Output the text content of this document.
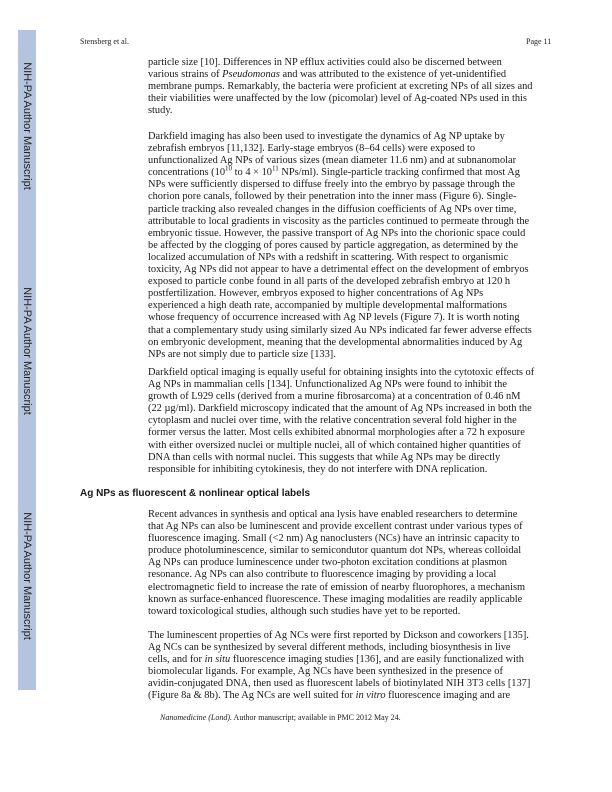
NIH-PA Author Manuscript
NIH-PA Author Manuscript
NIH-PA Author Manuscript
Stensberg et al.	Page 11
particle size [10]. Differences in NP efflux activities could also be discerned between
various strains of Pseudomonas and was attributed to the existence of yet-unidentified
membrane pumps. Remarkably, the bacteria were proficient at excreting NPs of all sizes and
their viabilities were unaffected by the low (picomolar) level of Ag-coated NPs used in this
study.
Darkfield imaging has also been used to investigate the dynamics of Ag NP uptake by
zebrafish embryos [11,132]. Early-stage embryos (8–64 cells) were exposed to
unfunctionalized Ag NPs of various sizes (mean diameter 11.6 nm) and at subnanomolar
concentrations ($10^{10}$ to $4 \times 10^{11}$ NPs/ml). Single-particle tracking confirmed that most Ag
NPs were sufficiently dispersed to diffuse freely into the embryo by passage through the
chorion pore canals, followed by their penetration into the inner mass (Figure 6). Single-
particle tracking also revealed changes in the diffusion coefficients of Ag NPs over time,
attributable to local gradients in viscosity as the particles continued to permeate through the
embryonic tissue. However, the passive transport of Ag NPs into the chorionic space could
be affected by the clogging of pores caused by particle aggregation, as determined by the
localized accumulation of NPs with a redshift in scattering. With respect to organismic
toxicity, Ag NPs did not appear to have a detrimental effect on the development of embryos
exposed to particle conbe found in all parts of the developed zebrafish embryo at 120 h
postfertilization. However, embryos exposed to higher concentrations of Ag NPs
experienced a high death rate, accompanied by multiple developmental malformations
whose frequency of occurrence increased with Ag NP levels (Figure 7). It is worth noting
that a complementary study using similarly sized Au NPs indicated far fewer adverse effects
on embryonic development, meaning that the developmental abnormalities induced by Ag
NPs are not simply due to particle size [133].
Darkfield optical imaging is equally useful for obtaining insights into the cytotoxic effects of
Ag NPs in mammalian cells [134]. Unfunctionalized Ag NPs were found to inhibit the
growth of L929 cells (derived from a murine fibrosarcoma) at a concentration of 0.46 nM
(22 µg/ml). Darkfield microscopy indicated that the amount of Ag NPs increased in both the
cytoplasm and nuclei over time, with the relative concentration several fold higher in the
former versus the latter. Most cells exhibited abnormal morphologies after a 72 h exposure
with either oversized nuclei or multiple nuclei, all of which contained higher quantities of
DNA than cells with normal nuclei. This suggests that while Ag NPs may be directly
responsible for inhibiting cytokinesis, they do not interfere with DNA replication.
Ag NPs as fluorescent & nonlinear optical labels
Recent advances in synthesis and optical ana lysis have enabled researchers to determine
that Ag NPs can also be luminescent and provide excellent contrast under various types of
fluorescence imaging. Small (<2 nm) Ag nanoclusters (NCs) have an intrinsic capacity to
produce photoluminescence, similar to semicondutor quantum dot NPs, whereas colloidal
Ag NPs can produce luminescence under two-photon excitation conditions at plasmon
resonance. Ag NPs can also contribute to fluorescence imaging by providing a local
electromagnetic field to increase the rate of emission of nearby fluorophores, a mechanism
known as surface-enhanced fluorescence. These imaging modalities are readily applicable
toward toxicological studies, although such studies have yet to be reported.
The luminescent properties of Ag NCs were first reported by Dickson and coworkers [135].
Ag NCs can be synthesized by several different methods, including biosynthesis in live
cells, and for in situ fluorescence imaging studies [136], and are easily functionalized with
biomolecular ligands. For example, Ag NCs have been synthesized in the presence of
avidin-conjugated DNA, then used as fluorescent labels of biotinylated NIH 3T3 cells [137]
(Figure 8a & 8b). The Ag NCs are well suited for in vitro fluorescence imaging and are
Nanomedicine (Lond). Author manuscript; available in PMC 2012 May 24.
